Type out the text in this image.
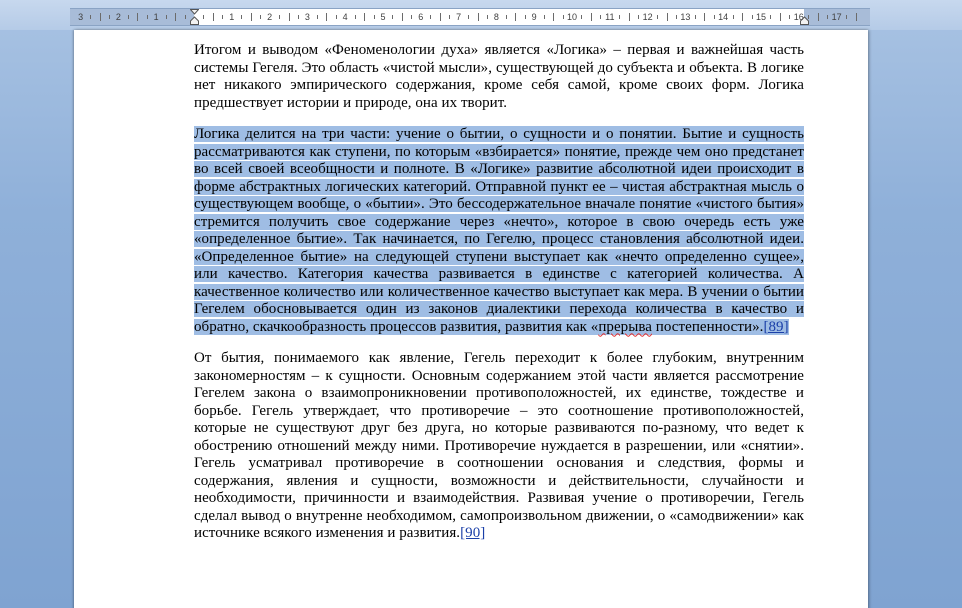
3	2	1	1	2	3	4	5	6	7	8	9	10	11	12	13	14	15	16	17

Итогом и выводом «Феноменологии духа» является «Логика» – первая и важнейшая часть системы Гегеля. Это область «чистой мысли», существующей до субъекта и объекта. В логике нет никакого эмпирического содержания, кроме себя самой, кроме своих форм. Логика предшествует истории и природе, она их творит.

Логика делится на три части: учение о бытии, о сущности и о понятии. Бытие и сущность рассматриваются как ступени, по которым «взбирается» понятие, прежде чем оно предстанет во всей своей всеобщности и полноте. В «Логике» развитие абсолютной идеи происходит в форме абстрактных логических категорий. Отправной пункт ее – чистая абстрактная мысль о существующем вообще, о «бытии». Это бессодержательное вначале понятие «чистого бытия» стремится получить свое содержание через «нечто», которое в свою очередь есть уже «определенное бытие». Так начинается, по Гегелю, процесс становления абсолютной идеи. «Определенное бытие» на следующей ступени выступает как «нечто определенно сущее», или качество. Категория качества развивается в единстве с категорией количества. А качественное количество или количественное качество выступает как мера. В учении о бытии Гегелем обосновывается один из законов диалектики перехода количества в качество и обратно, скачкообразность процессов развития, развития как «прерыва постепенности».[89]

От бытия, понимаемого как явление, Гегель переходит к более глубоким, внутренним закономерностям – к сущности. Основным содержанием этой части является рассмотрение Гегелем закона о взаимопроникновении противоположностей, их единстве, тождестве и борьбе. Гегель утверждает, что противоречие – это соотношение противоположностей, которые не существуют друг без друга, но которые развиваются по-разному, что ведет к обострению отношений между ними. Противоречие нуждается в разрешении, или «снятии». Гегель усматривал противоречие в соотношении основания и следствия, формы и содержания, явления и сущности, возможности и действительности, случайности и необходимости, причинности и взаимодействия. Развивая учение о противоречии, Гегель сделал вывод о внутренне необходимом, самопроизвольном движении, о «самодвижении» как источнике всякого изменения и развития.[90]
